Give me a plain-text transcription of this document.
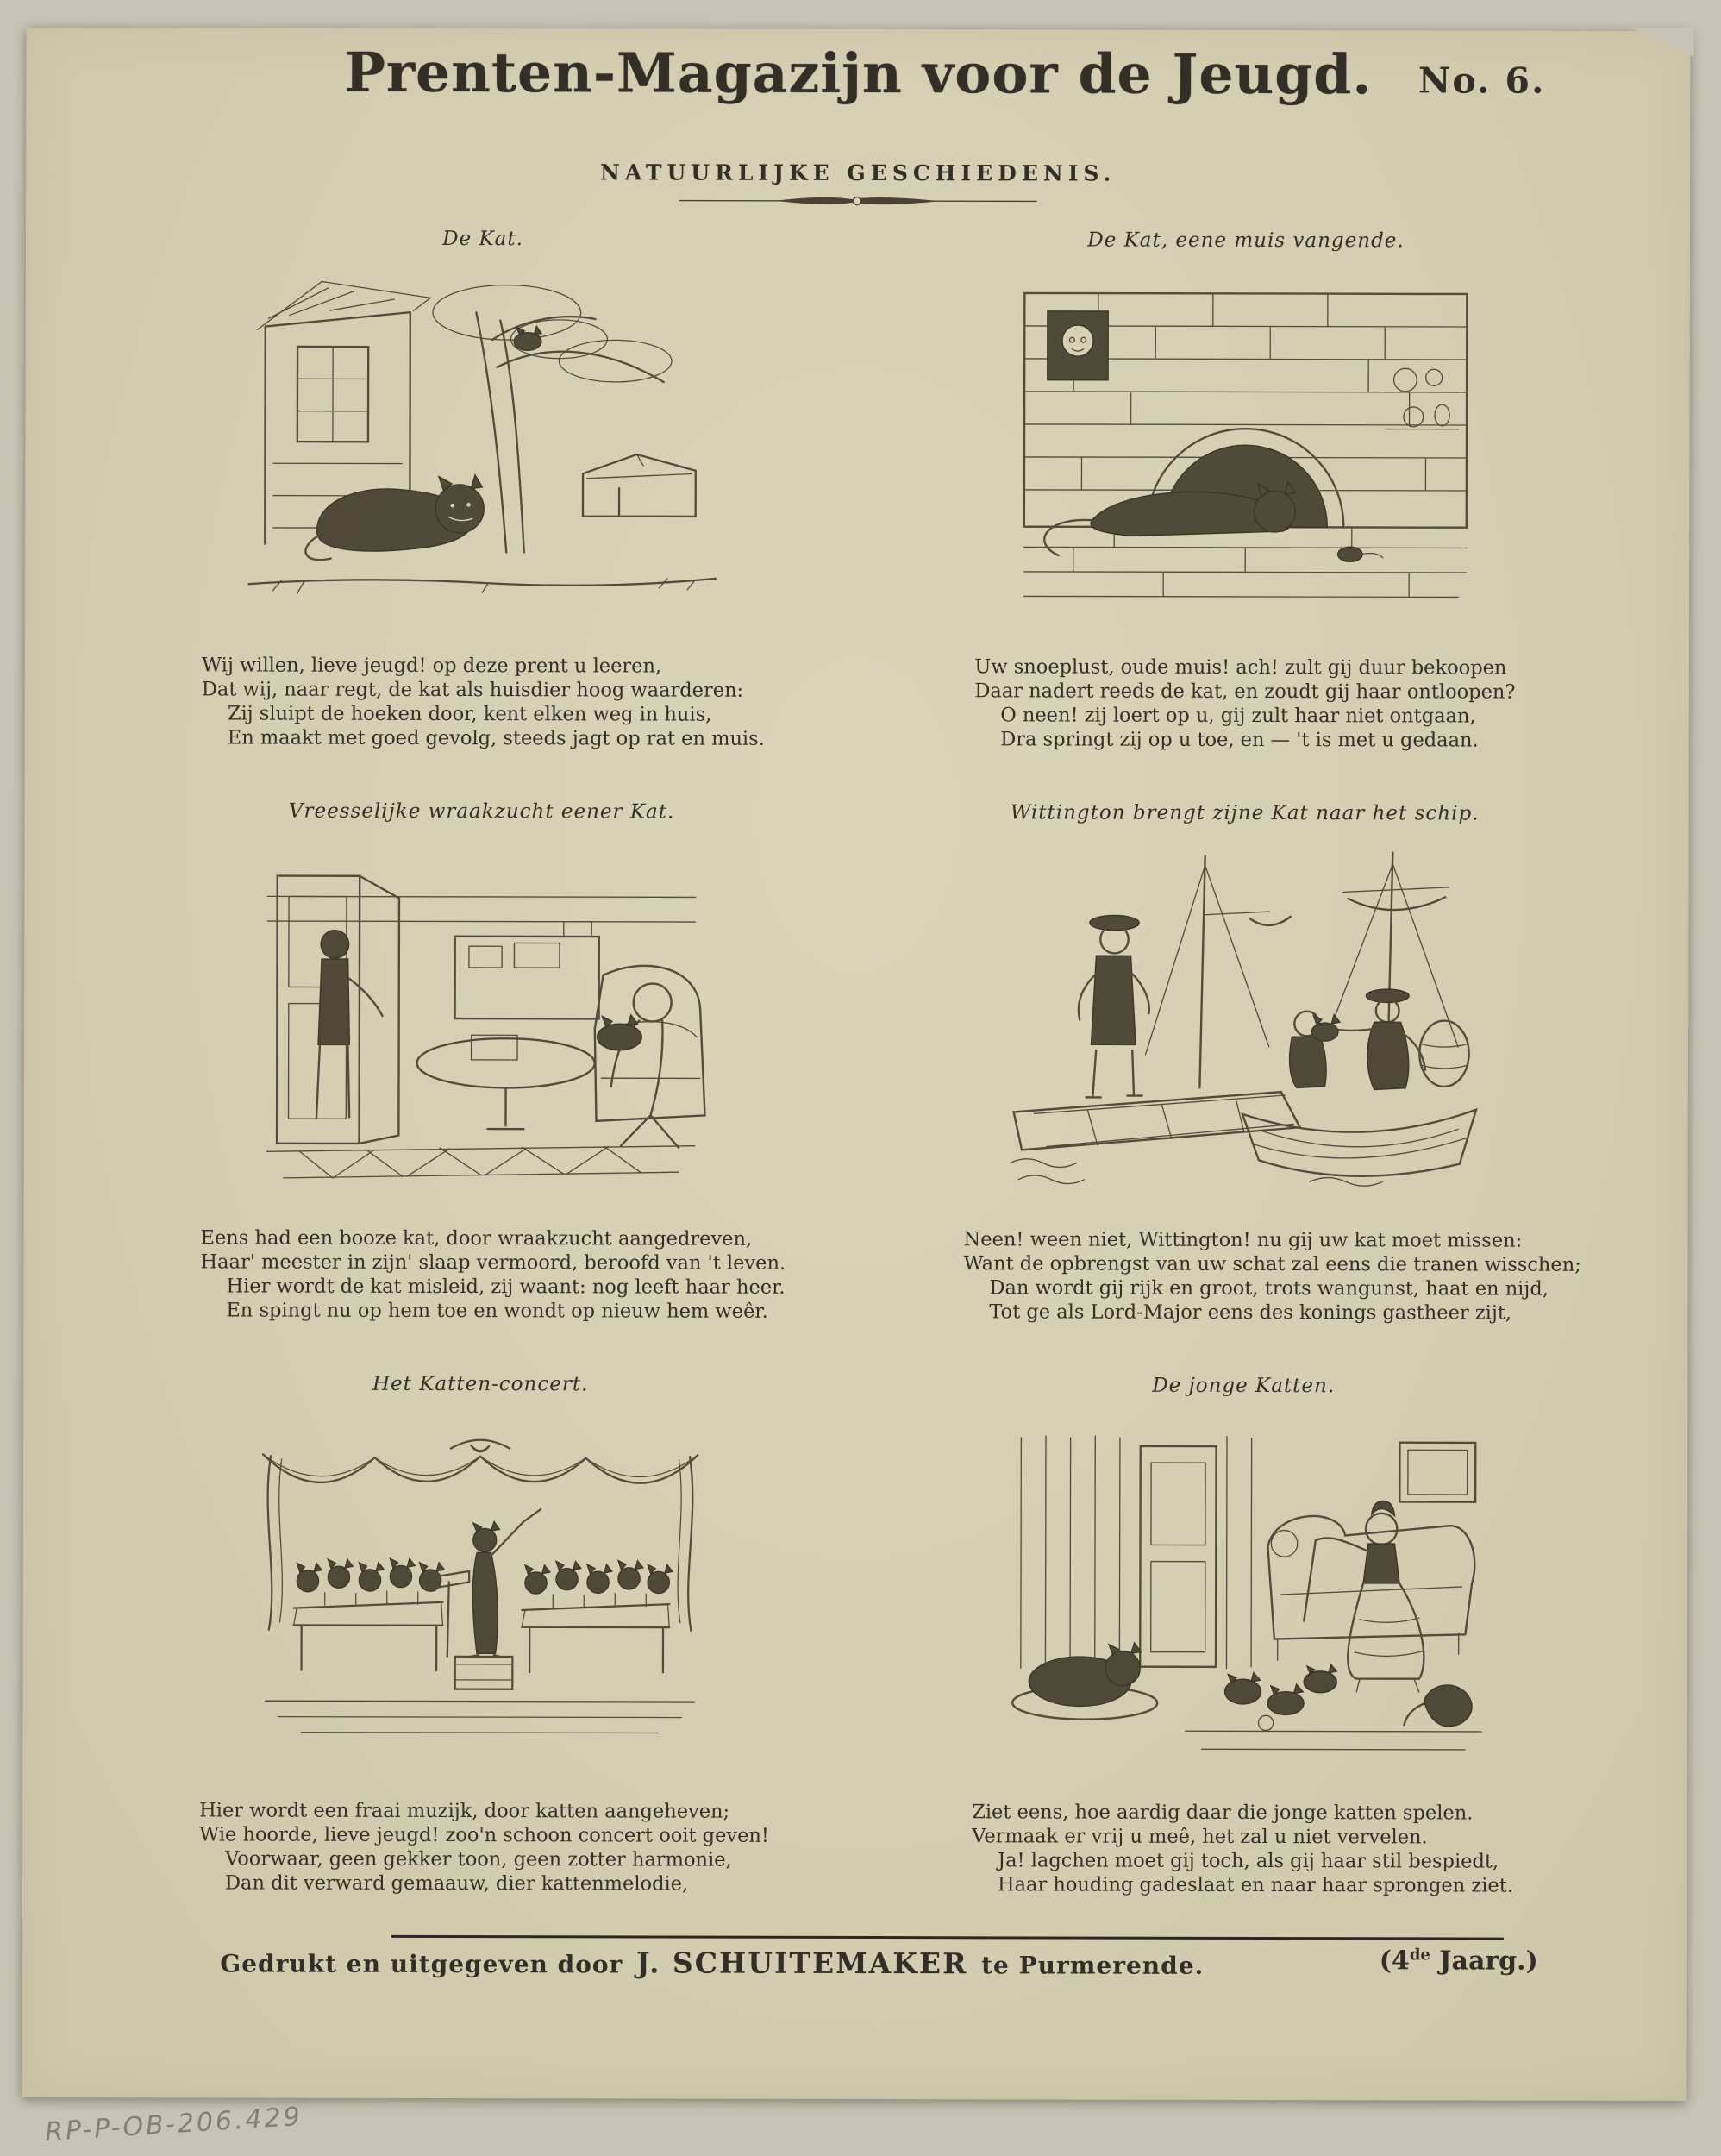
Prenten-Magazijn voor de Jeugd.	No. 6.
NATUURLIJKE GESCHIEDENIS.
De Kat.
Wij willen, lieve jeugd! op deze prent u leeren,
Dat wij, naar regt, de kat als huisdier hoog waarderen:
Zij sluipt de hoeken door, kent elken weg in huis,
En maakt met goed gevolg, steeds jagt op rat en muis.
De Kat, eene muis vangende.
Uw snoeplust, oude muis! ach! zult gij duur bekoopen
Daar nadert reeds de kat, en zoudt gij haar ontloopen?
O neen! zij loert op u, gij zult haar niet ontgaan,
Dra springt zij op u toe, en — 't is met u gedaan.
Vreesselijke wraakzucht eener Kat.
Eens had een booze kat, door wraakzucht aangedreven,
Haar' meester in zijn' slaap vermoord, beroofd van 't leven.
Hier wordt de kat misleid, zij waant: nog leeft haar heer.
En spingt nu op hem toe en wondt op nieuw hem weêr.
Wittington brengt zijne Kat naar het schip.
Neen! ween niet, Wittington! nu gij uw kat moet missen:
Want de opbrengst van uw schat zal eens die tranen wisschen;
Dan wordt gij rijk en groot, trots wangunst, haat en nijd,
Tot ge als Lord-Major eens des konings gastheer zijt,
Het Katten-concert.
Hier wordt een fraai muzijk, door katten aangeheven;
Wie hoorde, lieve jeugd! zoo'n schoon concert ooit geven!
Voorwaar, geen gekker toon, geen zotter harmonie,
Dan dit verward gemaauw, dier kattenmelodie,
De jonge Katten.
Ziet eens, hoe aardig daar die jonge katten spelen.
Vermaak er vrij u meê, het zal u niet vervelen.
Ja! lagchen moet gij toch, als gij haar stil bespiedt,
Haar houding gadeslaat en naar haar sprongen ziet.
Gedrukt en uitgegeven door J. SCHUITEMAKER te Purmerende.	(4de Jaarg.)
RP-P-OB-206.429
